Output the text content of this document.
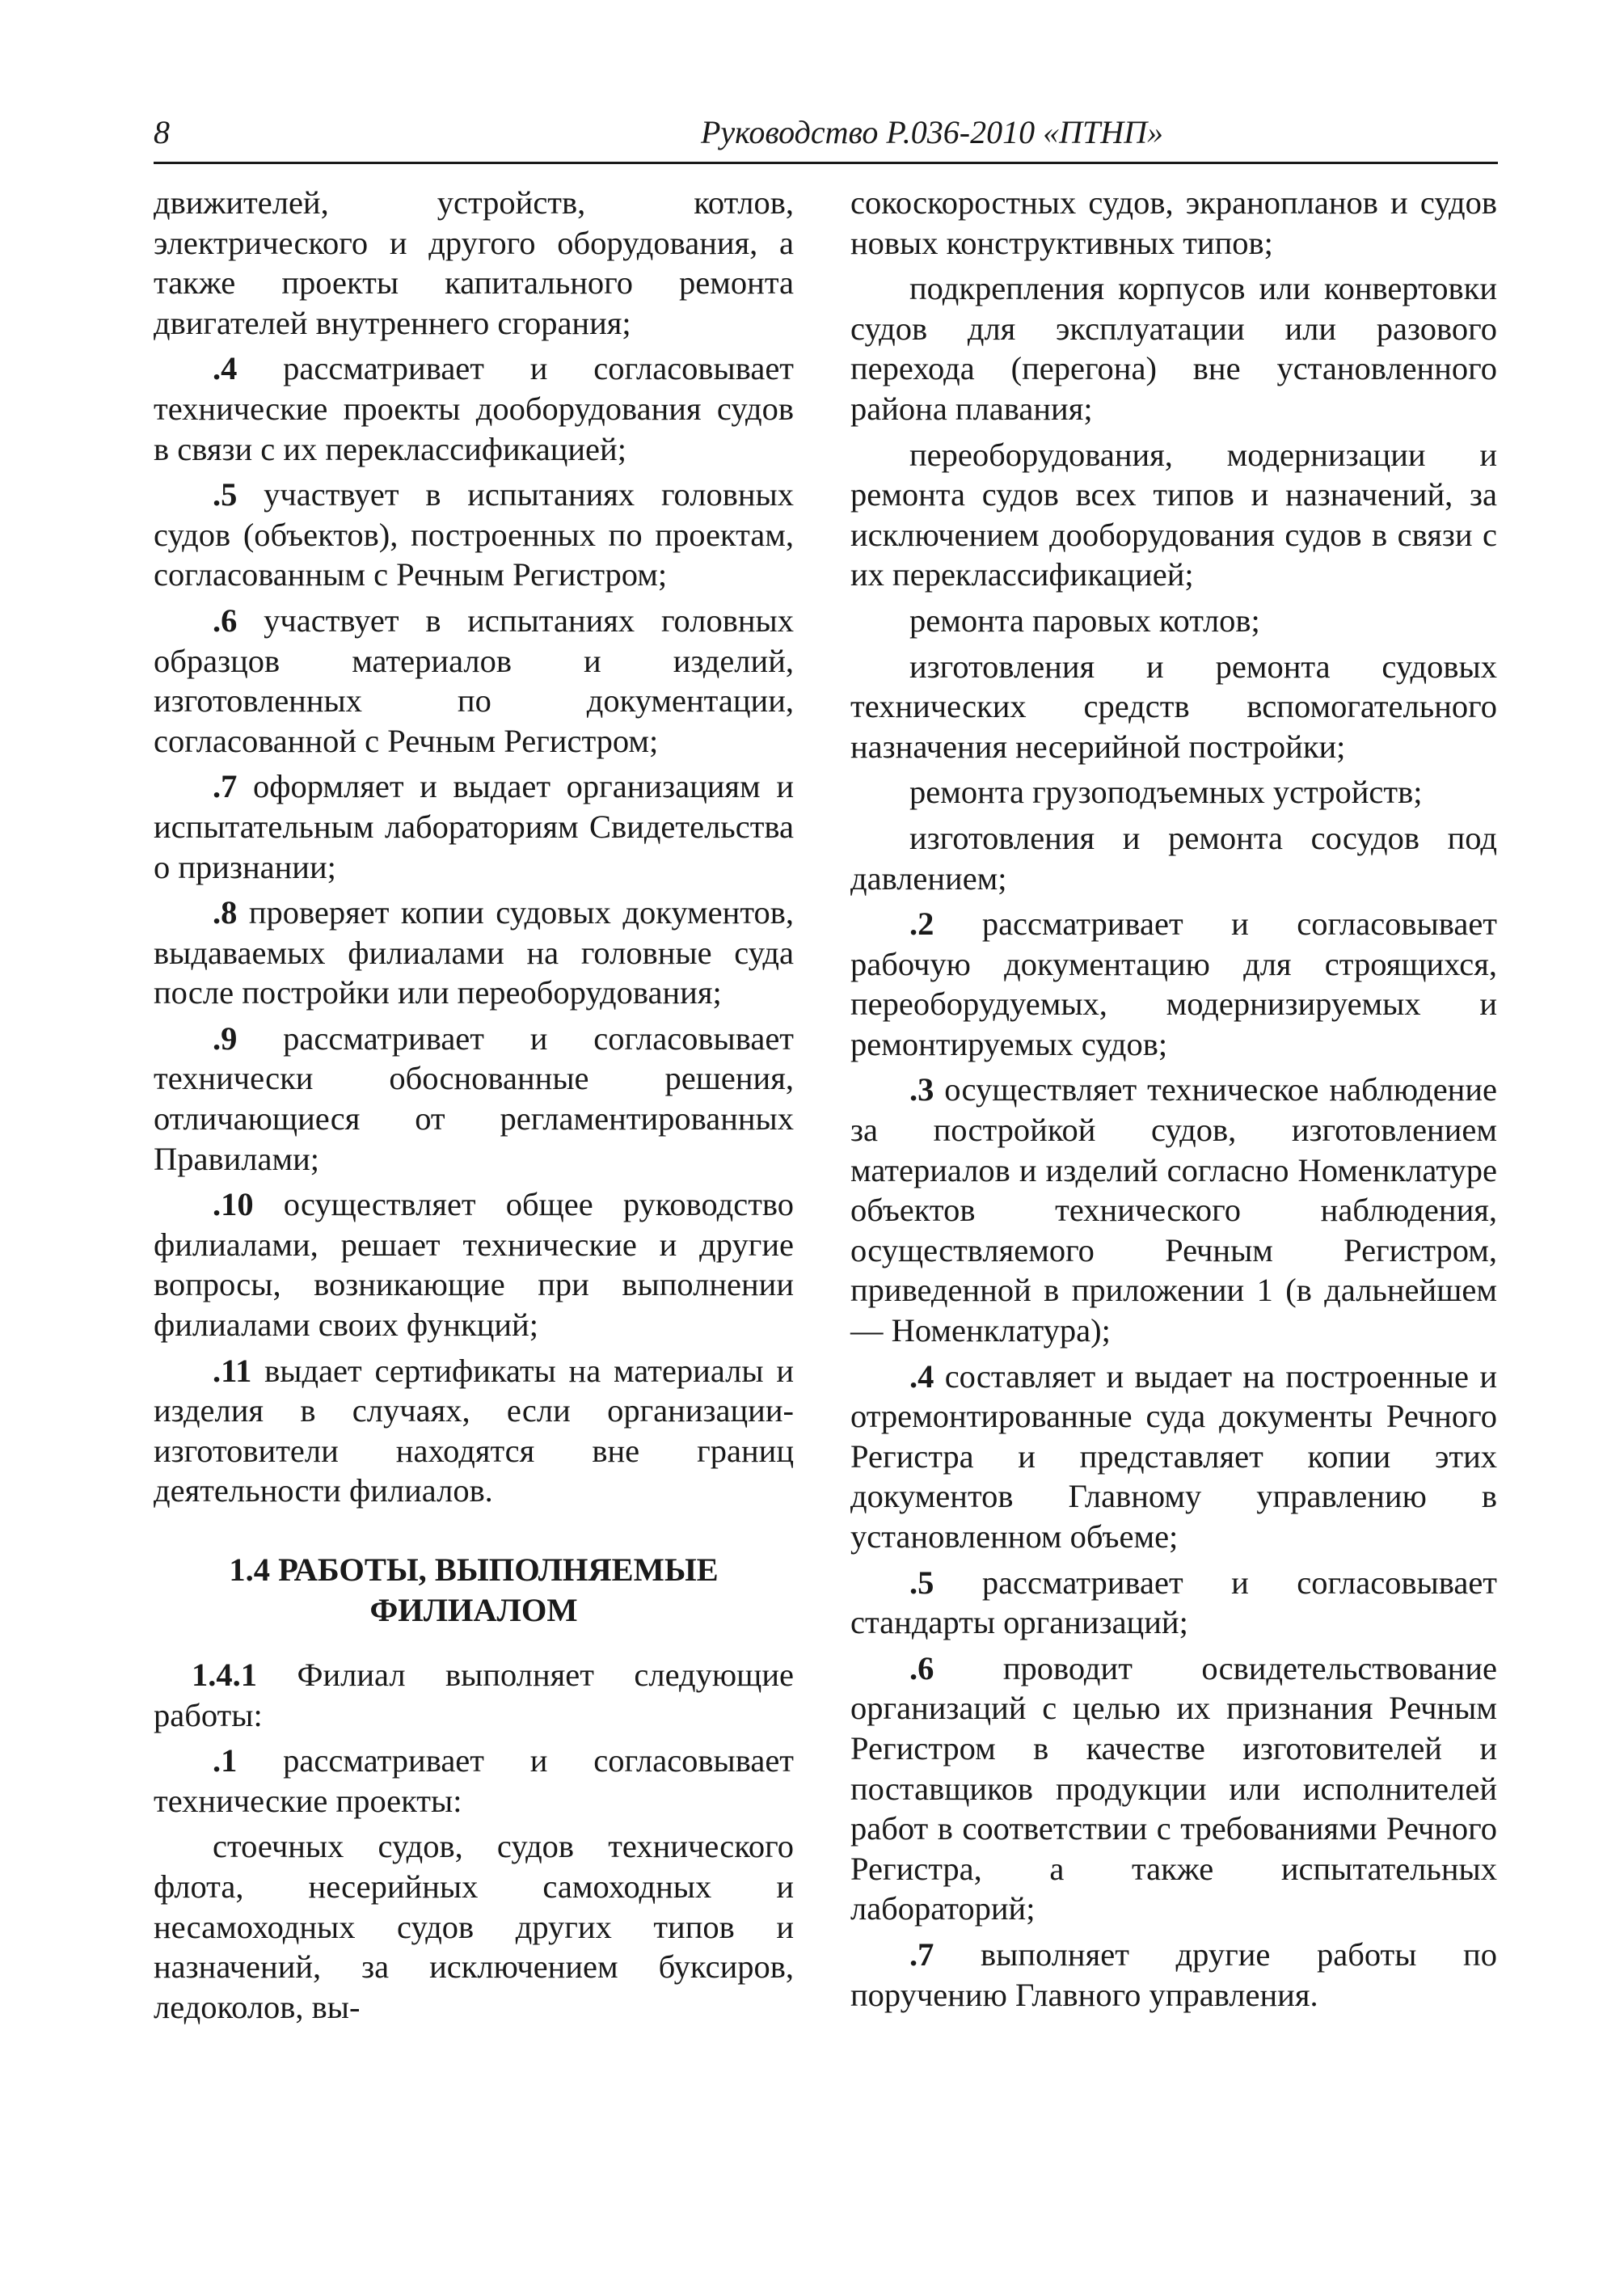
8	Руководство Р.036-2010 «ПТНП»

движителей, устройств, котлов, электрического и другого оборудования, а также проекты капитального ремонта двигателей внутреннего сгорания;

.4 рассматривает и согласовывает технические проекты дооборудования судов в связи с их переклассификацией;

.5 участвует в испытаниях головных судов (объектов), построенных по проектам, согласованным с Речным Регистром;

.6 участвует в испытаниях головных образцов материалов и изделий, изготовленных по документации, согласованной с Речным Регистром;

.7 оформляет и выдает организациям и испытательным лабораториям Свидетельства о признании;

.8 проверяет копии судовых документов, выдаваемых филиалами на головные суда после постройки или переоборудования;

.9 рассматривает и согласовывает технически обоснованные решения, отличающиеся от регламентированных Правилами;

.10 осуществляет общее руководство филиалами, решает технические и другие вопросы, возникающие при выполнении филиалами своих функций;

.11 выдает сертификаты на материалы и изделия в случаях, если организации-изготовители находятся вне границ деятельности филиалов.

1.4 РАБОТЫ, ВЫПОЛНЯЕМЫЕ
ФИЛИАЛОМ

1.4.1 Филиал выполняет следующие работы:

.1 рассматривает и согласовывает технические проекты:

стоечных судов, судов технического флота, несерийных самоходных и несамоходных судов других типов и назначений, за исключением буксиров, ледоколов, вы-

сокоскоростных судов, экранопланов и судов новых конструктивных типов;

подкрепления корпусов или конвертовки судов для эксплуатации или разового перехода (перегона) вне установленного района плавания;

переоборудования, модернизации и ремонта судов всех типов и назначений, за исключением дооборудования судов в связи с их переклассификацией;

ремонта паровых котлов;

изготовления и ремонта судовых технических средств вспомогательного назначения несерийной постройки;

ремонта грузоподъемных устройств;

изготовления и ремонта сосудов под давлением;

.2 рассматривает и согласовывает рабочую документацию для строящихся, переоборудуемых, модернизируемых и ремонтируемых судов;

.3 осуществляет техническое наблюдение за постройкой судов, изготовлением материалов и изделий согласно Номенклатуре объектов технического наблюдения, осуществляемого Речным Регистром, приведенной в приложении 1 (в дальнейшем — Номенклатура);

.4 составляет и выдает на построенные и отремонтированные суда документы Речного Регистра и представляет копии этих документов Главному управлению в установленном объеме;

.5 рассматривает и согласовывает стандарты организаций;

.6 проводит освидетельствование организаций с целью их признания Речным Регистром в качестве изготовителей и поставщиков продукции или исполнителей работ в соответствии с требованиями Речного Регистра, а также испытательных лабораторий;

.7 выполняет другие работы по поручению Главного управления.
